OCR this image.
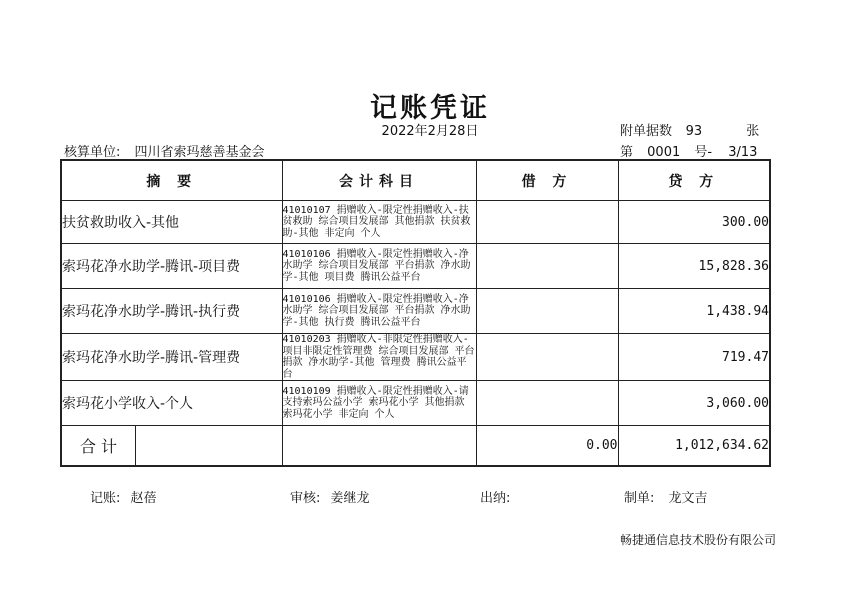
记账凭证
2022年2月28日	附单据数 93	张
核算单位: 四川省索玛慈善基金会	第 0001 号- 3/13
摘 要	会计科目	借 方	贷 方
扶贫救助收入-其他	41010107 捐赠收入-限定性捐赠收入-扶贫救助 综合项目发展部 其他捐款 扶贫救助-其他 非定向 个人		300.00
索玛花净水助学-腾讯-项目费	41010106 捐赠收入-限定性捐赠收入-净水助学 综合项目发展部 平台捐款 净水助学-其他 项目费 腾讯公益平台		15,828.36
索玛花净水助学-腾讯-执行费	41010106 捐赠收入-限定性捐赠收入-净水助学 综合项目发展部 平台捐款 净水助学-其他 执行费 腾讯公益平台		1,438.94
索玛花净水助学-腾讯-管理费	41010203 捐赠收入-非限定性捐赠收入-项目非限定性管理费 综合项目发展部 平台捐款 净水助学-其他 管理费 腾讯公益平台		719.47
索玛花小学收入-个人	41010109 捐赠收入-限定性捐赠收入-请支持索玛公益小学 索玛花小学 其他捐款 索玛花小学 非定向 个人		3,060.00

合 计		0.00	1,012,634.62
记账: 赵蓓	审核: 姜继龙	出纳:	制单: 龙文吉
畅捷通信息技术股份有限公司
